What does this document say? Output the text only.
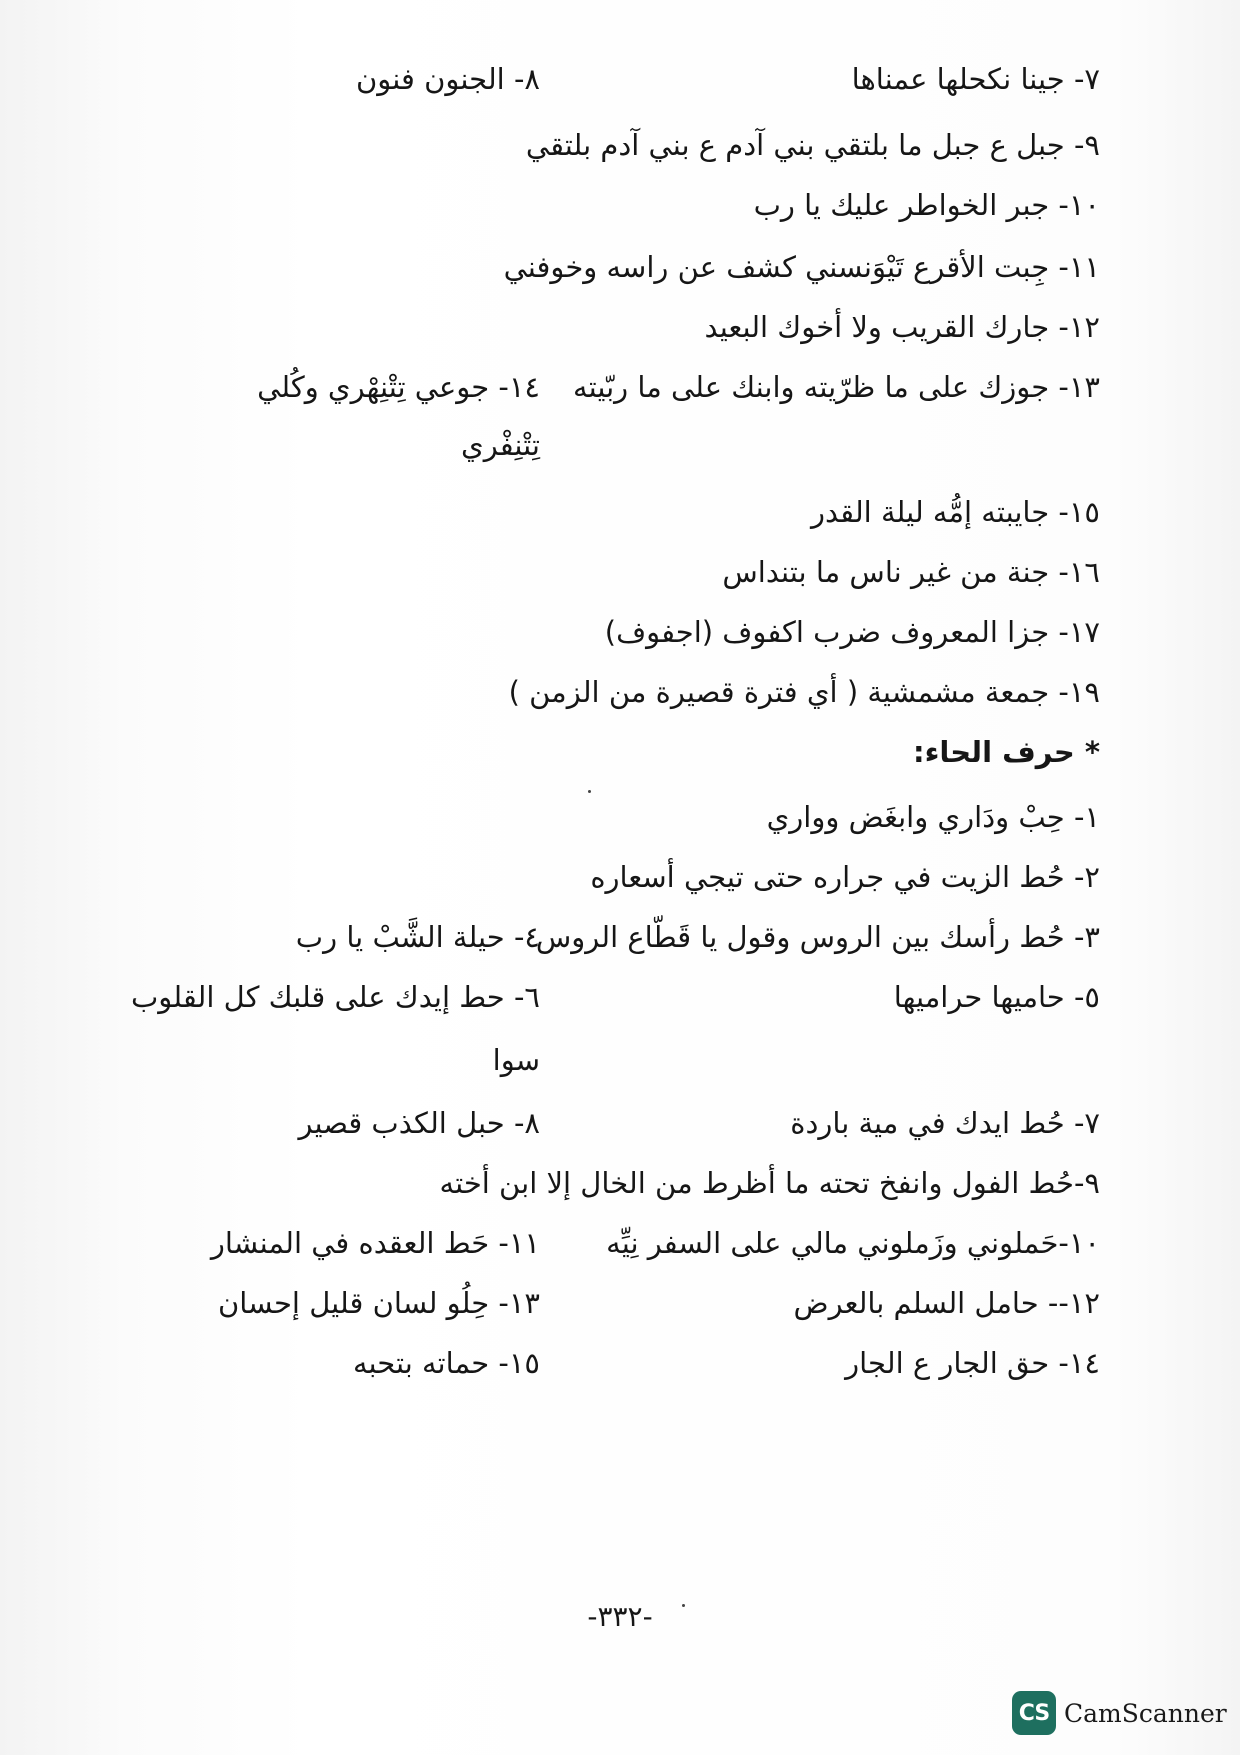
٧- جينا نكحلها عمناها
٨- الجنون فنون
٩- جبل ع جبل ما بلتقي بني آدم ع بني آدم بلتقي
١٠- جبر الخواطر عليك يا رب
١١- جِبت الأقرع تَيْوَنسني كشف عن راسه وخوفني
١٢- جارك القريب ولا أخوك البعيد
١٣- جوزك على ما ظرّيته وابنك على ما ربّيته
١٤- جوعي تِتْنِهْري وكُلي
تِتْنِفْري
١٥- جايبته إمُّه ليلة القدر
١٦- جنة من غير ناس ما بتنداس
١٧- جزا المعروف ضرب اكفوف (اجفوف)
١٩- جمعة مشمشية ( أي فترة قصيرة من الزمن )
* حرف الحاء:
١- حِبْ ودَاري وابغَض وواري
٢- حُط الزيت في جراره حتى تيجي أسعاره
٣- حُط رأسك بين الروس وقول يا قَطّاع الروس
٤- حيلة الشَّبْ يا رب
٥- حاميها حراميها
٦- حط إيدك على قلبك كل القلوب
سوا
٧- حُط ايدك في مية باردة
٨- حبل الكذب قصير
٩-حُط الفول وانفخ تحته ما أظرط من الخال إلا ابن أخته
١٠-حَملوني وزَملوني مالي على السفر نِيِّه
١١- حَط العقده في المنشار
١٢-- حامل السلم بالعرض
١٣- حِلُو لسان قليل إحسان
١٤- حق الجار ع الجار
١٥- حماته بتحبه
-٣٣٢-
CS CamScanner
